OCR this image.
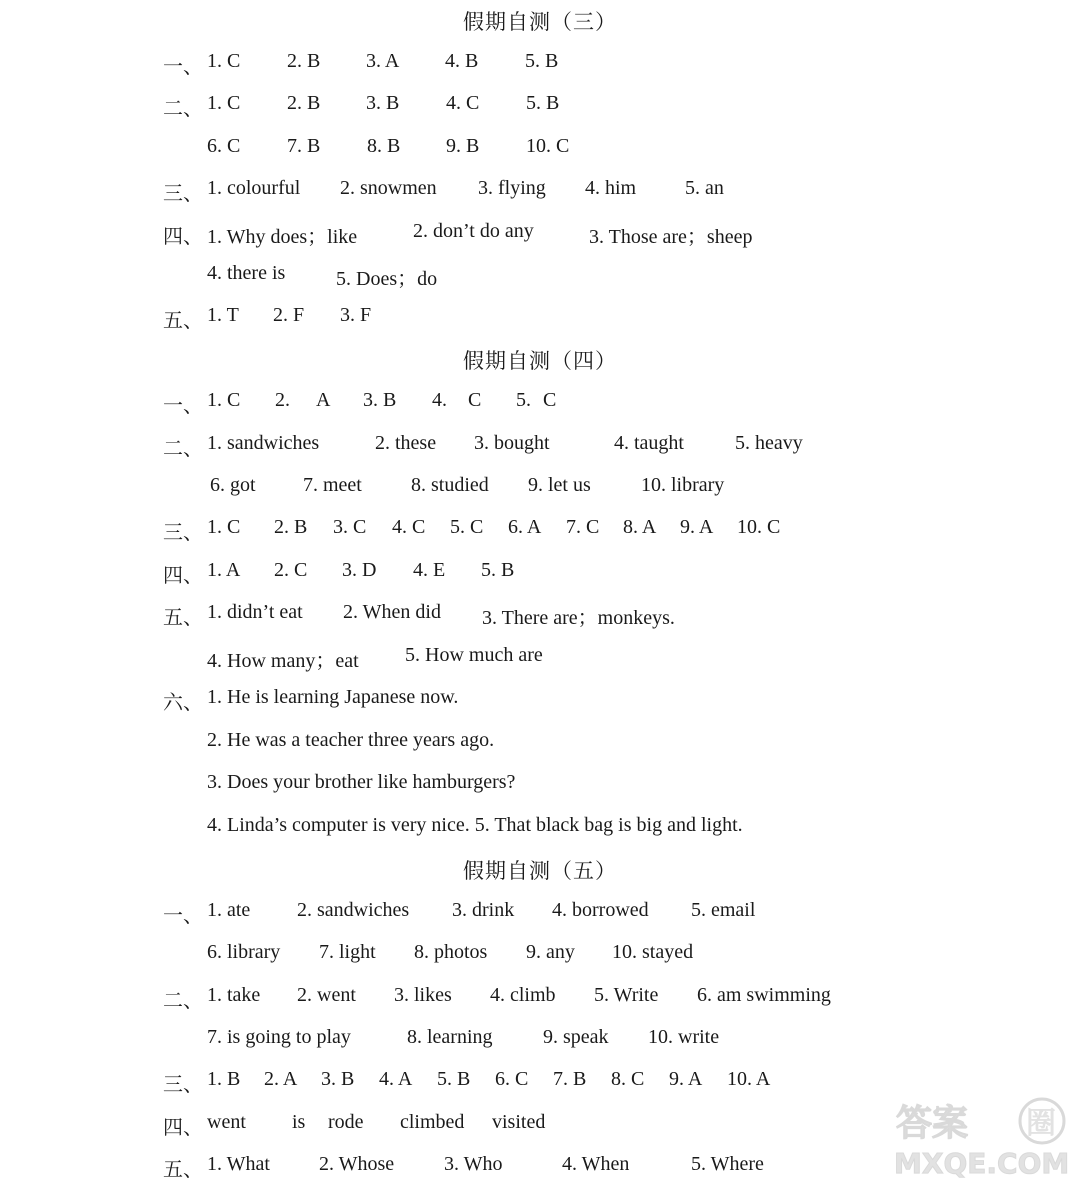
假期自测（三）
一、 1. C 2. B 3. A 4. B 5. B
二、 1. C 2. B 3. B 4. C 5. B
6. C 7. B 8. B 9. B 10. C
三、 1. colourful 2. snowmen 3. flying 4. him 5. an
四、 1. Why does；like	2. don’t do any	3. Those are；sheep
4. there is	5. Does；do
五、 1. T 2. F 3. F
假期自测（四）
一、 1. C 2. A 3. B 4. C 5. C
二、 1. sandwiches	2. these 3. bought	4. taught	5. heavy
6. got 7. meet 8. studied 9. let us	10. library
三、 1. C 2. B 3. C 4. C 5. C 6. A 7. C 8. A 9. A 10. C
四、 1. A 2. C 3. D 4. E 5. B
五、 1. didn’t eat 2. When did 3. There are；monkeys.
4. How many；eat 5. How much are
六、 1. He is learning Japanese now.
2. He was a teacher three years ago.
3. Does your brother like hamburgers?
4. Linda’s computer is very nice. 5. That black bag is big and light.
假期自测（五）
一、 1. ate 2. sandwiches 3. drink 4. borrowed 5. email
6. library 7. light 8. photos 9. any 10. stayed
二、 1. take 2. went 3. likes 4. climb 5. Write 6. am swimming
7. is going to play	8. learning	9. speak 10. write
三、 1. B 2. A 3. B 4. A 5. B 6. C 7. B 8. C 9. A 10. A
四、 went is rode climbed visited
五、 1. What 2. Whose 3. Who	4. When	5. Where
答案 圈
MXQE.COM
